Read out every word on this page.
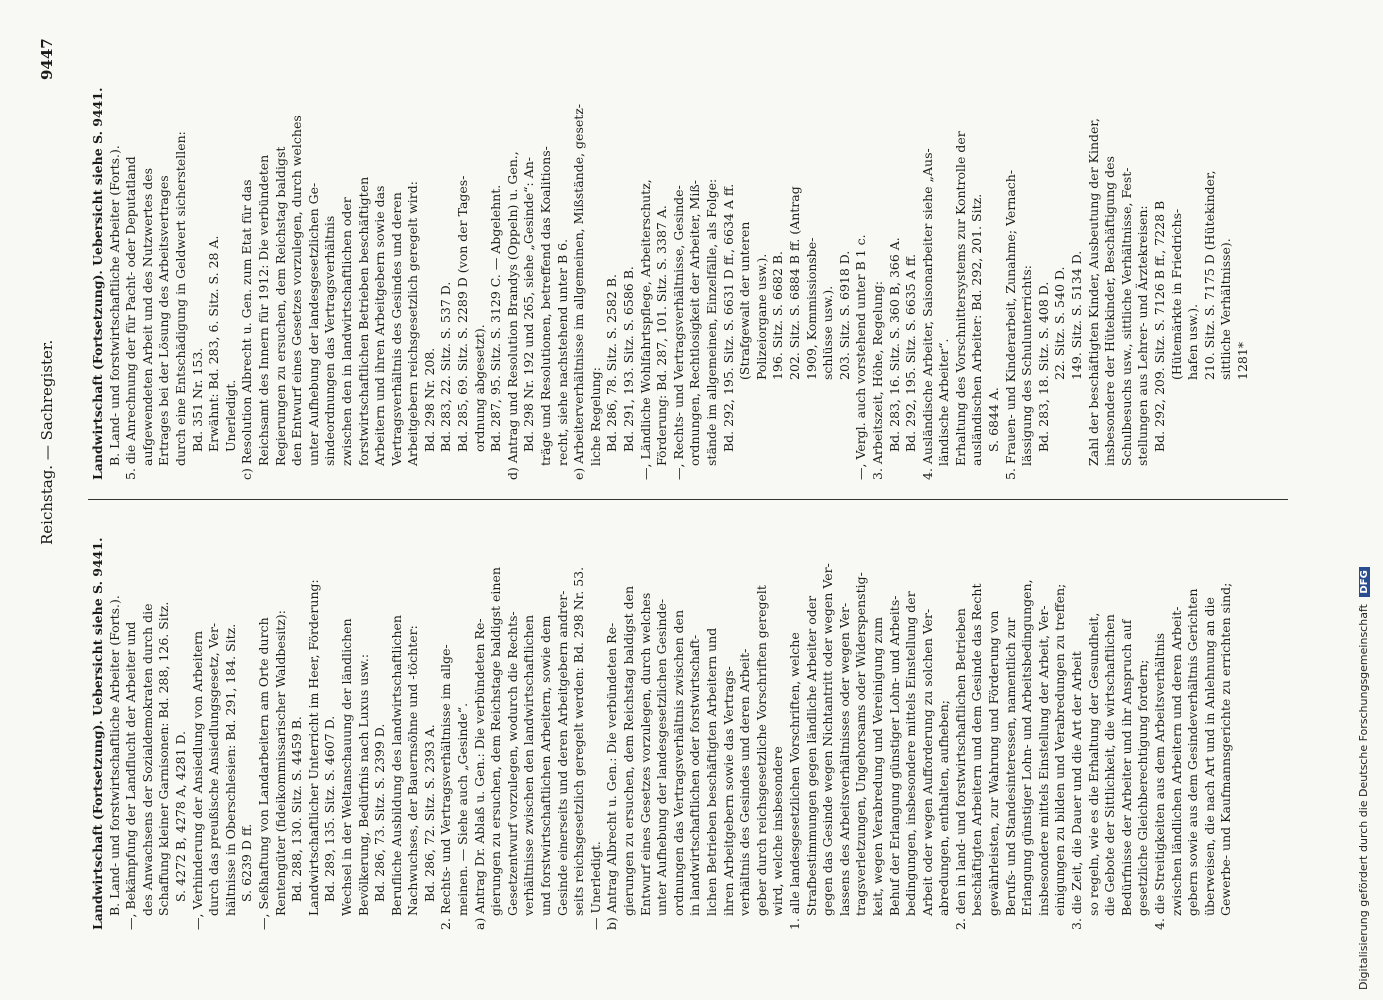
Reichstag. — Sachregister.
9447
Landwirtschaft (Fortsetzung). Uebersicht siehe S. 9441. B. Land- und forstwirtschaftliche Arbeiter (Forts.). —, Bekämpfung der Landflucht der Arbeiter und des Anwachsens der Sozialdemokraten durch die Schaffung kleiner Garnisonen: Bd. 288, 126. Sitz. S. 4272 B, 4278 A, 4281 D. —, Verhinderung der Ansiedlung von Arbeitern durch das preußische Ansiedlungsgesetz, Ver- hältnisse in Oberschlesien: Bd. 291, 184. Sitz. S. 6239 D ff. —, Seßhaftung von Landarbeitern am Orte durch Rentengüter (fideikommissarischer Waldbesitz): Bd. 288, 130. Sitz. S. 4459 B. Landwirtschaftlicher Unterricht im Heer, Förderung: Bd. 289, 135. Sitz. S. 4607 D. Wechsel in der Weltanschauung der ländlichen Bevölkerung, Bedürfnis nach Luxus usw.: Bd. 286, 73. Sitz. S. 2399 D. Berufliche Ausbildung des landwirtschaftlichen Nachwuchses, der Bauernsöhne und -töchter: Bd. 286, 72. Sitz. S. 2393 A. 2. Rechts- und Vertragsverhältnisse im allge- meinen. — Siehe auch „Gesinde“. a) Antrag Dr. Ablaß u. Gen.: Die verbündeten Re- gierungen zu ersuchen, dem Reichstage baldigst einen Gesetzentwurf vorzulegen, wodurch die Rechts- verhältnisse zwischen den landwirtschaftlichen und forstwirtschaftlichen Arbeitern, sowie dem Gesinde einerseits und deren Arbeitgebern andrer- seits reichsgesetzlich geregelt werden: Bd. 298 Nr. 53. — Unerledigt. b) Antrag Albrecht u. Gen.: Die verbündeten Re- gierungen zu ersuchen, dem Reichstag baldigst den Entwurf eines Gesetzes vorzulegen, durch welches unter Aufhebung der landesgesetzlichen Gesinde- ordnungen das Vertragsverhältnis zwischen den in landwirtschaftlichen oder forstwirtschaft- lichen Betrieben beschäftigten Arbeitern und ihren Arbeitgebern sowie das Vertrags- verhältnis des Gesindes und deren Arbeit- geber durch reichsgesetzliche Vorschriften geregelt wird, welche insbesondere 1. alle landesgesetzlichen Vorschriften, welche Strafbestimmungen gegen ländliche Arbeiter oder gegen das Gesinde wegen Nichtantritt oder wegen Ver- lassens des Arbeitsverhältnisses oder wegen Ver- tragsverletzungen, Ungehorsams oder Widerspenstig- keit, wegen Verabredung und Vereinigung zum Behuf der Erlangung günstiger Lohn- und Arbeits- bedingungen, insbesondere mittels Einstellung der Arbeit oder wegen Aufforderung zu solchen Ver- abredungen, enthalten, aufheben; 2. den in land- und forstwirtschaftlichen Betrieben beschäftigten Arbeitern und dem Gesinde das Recht gewährleisten, zur Wahrung und Förderung von Berufs- und Standesinteressen, namentlich zur Erlangung günstiger Lohn- und Arbeitsbedingungen, insbesondere mittels Einstellung der Arbeit, Ver- einigungen zu bilden und Verabredungen zu treffen; 3. die Zeit, die Dauer und die Art der Arbeit so regeln, wie es die Erhaltung der Gesundheit, die Gebote der Sittlichkeit, die wirtschaftlichen Bedürfnisse der Arbeiter und ihr Anspruch auf gesetzliche Gleichberechtigung fordern; 4. die Streitigkeiten aus dem Arbeitsverhältnis zwischen ländlichen Arbeitern und deren Arbeit- gebern sowie aus dem Gesindeverhältnis Gerichten überweisen, die nach Art und in Anlehnung an die Gewerbe- und Kaufmannsgerichte zu errichten sind;
Landwirtschaft (Fortsetzung). Uebersicht siehe S. 9441. B. Land- und forstwirtschaftliche Arbeiter (Forts.). 5. die Anrechnung der für Pacht- oder Deputatland aufgewendeten Arbeit und des Nutzwertes des Ertrages bei der Lösung des Arbeitsvertrages durch eine Entschädigung in Geldwert sicherstellen: Bd. 351 Nr. 153. Erwähnt: Bd. 283, 6. Sitz. S. 28 A. Unerledigt. c) Resolution Albrecht u. Gen. zum Etat für das Reichsamt des Innern für 1912: Die verbündeten Regierungen zu ersuchen, dem Reichstag baldigst den Entwurf eines Gesetzes vorzulegen, durch welches unter Aufhebung der landesgesetzlichen Ge- sindeordnungen das Vertragsverhältnis zwischen den in landwirtschaftlichen oder forstwirtschaftlichen Betrieben beschäftigten Arbeitern und ihren Arbeitgebern sowie das Vertragsverhältnis des Gesindes und deren Arbeitgebern reichsgesetzlich geregelt wird: Bd. 298 Nr. 208. Bd. 283, 22. Sitz. S. 537 D. Bd. 285, 69. Sitz. S. 2289 D (von der Tages- ordnung abgesetzt). Bd. 287, 95. Sitz. S. 3129 C. — Abgelehnt. d) Antrag und Resolution Brandys (Oppeln) u. Gen., Bd. 298 Nr. 192 und 265, siehe „Gesinde“: An- träge und Resolutionen, betreffend das Koalitions- recht, siehe nachstehend unter B 6. e) Arbeiterverhältnisse im allgemeinen, Mißstände, gesetz- liche Regelung: Bd. 286, 78. Sitz. S. 2582 B. Bd. 291, 193. Sitz. S. 6586 B. —, Ländliche Wohlfahrtspflege, Arbeiterschutz, Förderung: Bd. 287, 101. Sitz. S. 3387 A. —, Rechts- und Vertragsverhältnisse, Gesinde- ordnungen, Rechtlosigkeit der Arbeiter, Miß- stände im allgemeinen, Einzelfälle, als Folge: Bd. 292, 195. Sitz. S. 6631 D ff., 6634 A ff. (Strafgewalt der unteren Polizeiorgane usw.). 196. Sitz. S. 6682 B. 202. Sitz. S. 6884 B ff. (Antrag 1909, Kommissionsbe- schlüsse usw.). 203. Sitz. S. 6918 D. —, Vergl. auch vorstehend unter B 1 c. 3. Arbeitszeit, Höhe, Regelung: Bd. 283, 16. Sitz. S. 360 B, 366 A. Bd. 292, 195. Sitz. S. 6635 A ff. 4. Ausländische Arbeiter, Saisonarbeiter siehe „Aus- ländische Arbeiter“. Erhaltung des Vorschnittersystems zur Kontrolle der ausländischen Arbeiter: Bd. 292, 201. Sitz. S. 6844 A. 5. Frauen- und Kinderarbeit, Zunahme; Vernach- lässigung des Schulunterrichts: Bd. 283, 18. Sitz. S. 408 D. 22. Sitz. S. 540 D. 149. Sitz. S. 5134 D. Zahl der beschäftigten Kinder, Ausbeutung der Kinder, insbesondere der Hütekinder, Beschäftigung des Schulbesuchs usw., sittliche Verhältnisse, Fest- stellungen aus Lehrer- und Ärztekreisen: Bd. 292, 209. Sitz. S. 7126 B ff., 7228 B (Hütemärkte in Friedrichs- hafen usw.). 210. Sitz. S. 7175 D (Hütekinder, sittliche Verhältnisse). 1281*
Digitalisierung gefördert durch die Deutsche Forschungsgemeinschaft DFG
